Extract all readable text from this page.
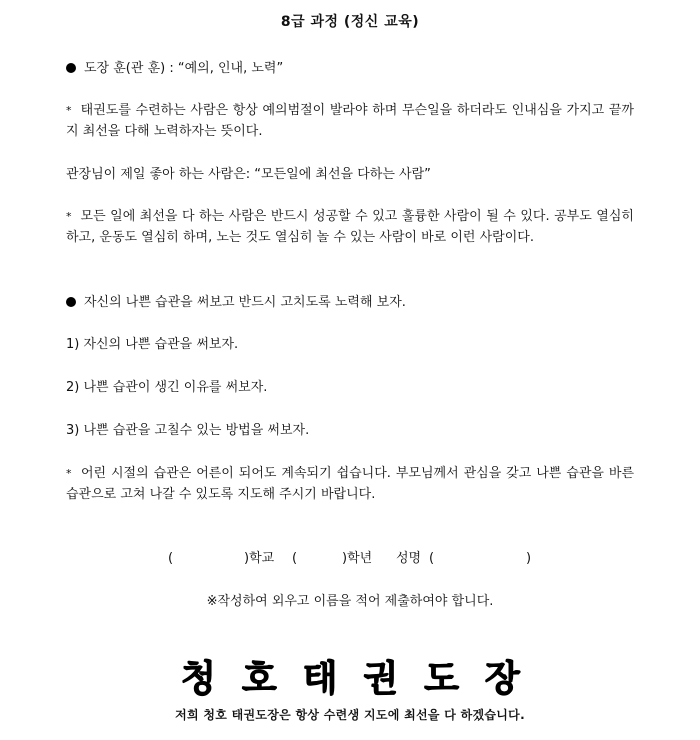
8급 과정 (정신 교육)
도장 훈(관 훈) : “예의, 인내, 노력”
* 태권도를 수련하는 사람은 항상 예의범절이 발라야 하며 무슨일을 하더라도 인내심을 가지고 끝까지 최선을 다해 노력하자는 뜻이다.
관장님이 제일 좋아 하는 사람은: “모든일에 최선을 다하는 사람”
* 모든 일에 최선을 다 하는 사람은 반드시 성공할 수 있고 훌륭한 사람이 될 수 있다. 공부도 열심히 하고, 운동도 열심히 하며, 노는 것도 열심히 놀 수 있는 사람이 바로 이런 사람이다.
자신의 나쁜 습관을 써보고 반드시 고치도록 노력해 보자.
1) 자신의 나쁜 습관을 써보자.
2) 나쁜 습관이 생긴 이유를 써보자.
3) 나쁜 습관을 고칠수 있는 방법을 써보자.
* 어린 시절의 습관은 어른이 되어도 계속되기 쉽습니다. 부모님께서 관심을 갖고 나쁜 습관을 바른 습관으로 고쳐 나갈 수 있도록 지도해 주시기 바랍니다.
(	)학교 (	)학년 성명 (	)
※작성하여 외우고 이름을 적어 제출하여야 합니다.
청호태권도장
저희 청호 태권도장은 항상 수련생 지도에 최선을 다 하겠습니다.
